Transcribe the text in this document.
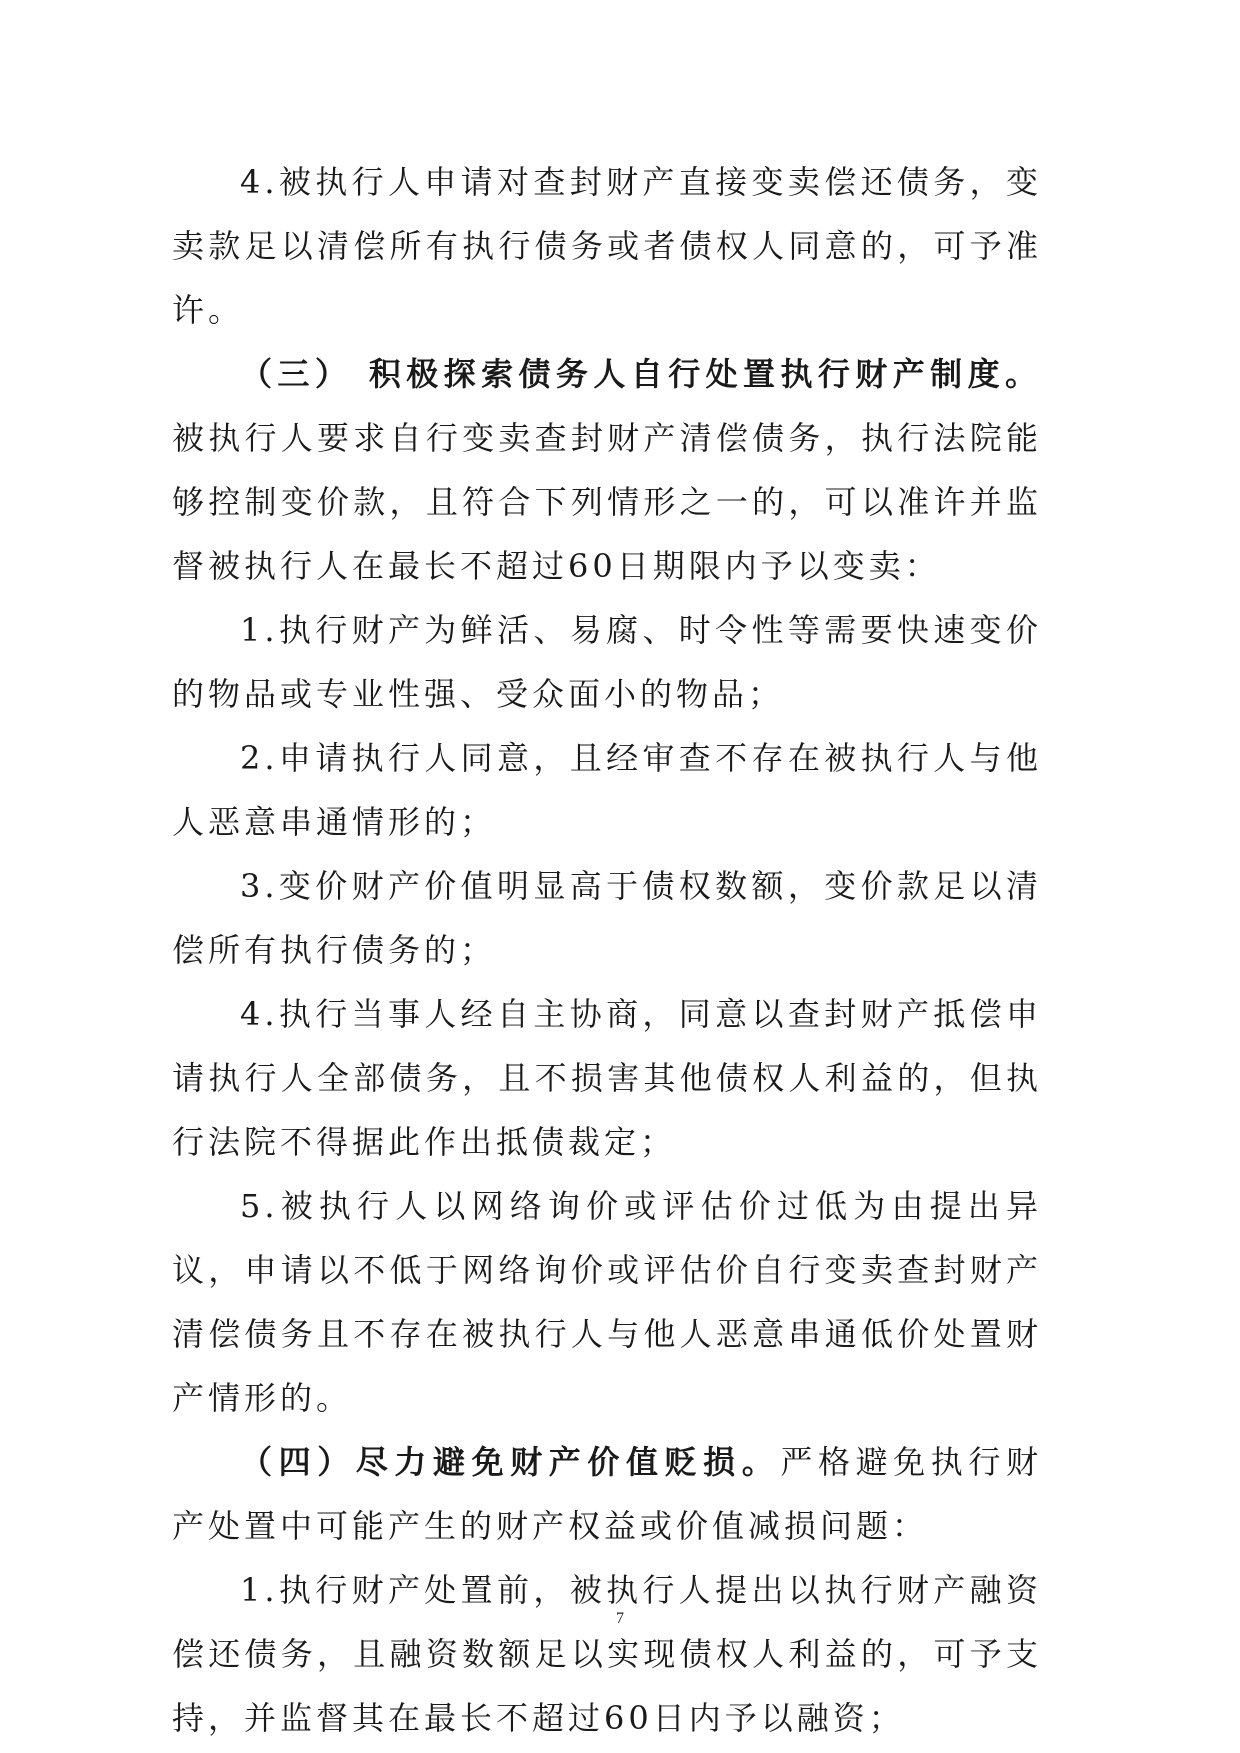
4.被执行人申请对查封财产直接变卖偿还债务，变卖款足以清偿所有执行债务或者债权人同意的，可予准许。

（三） 积极探索债务人自行处置执行财产制度。被执行人要求自行变卖查封财产清偿债务，执行法院能够控制变价款，且符合下列情形之一的，可以准许并监督被执行人在最长不超过60日期限内予以变卖：

1.执行财产为鲜活、易腐、时令性等需要快速变价的物品或专业性强、受众面小的物品；

2.申请执行人同意，且经审查不存在被执行人与他人恶意串通情形的；

3.变价财产价值明显高于债权数额，变价款足以清偿所有执行债务的；

4.执行当事人经自主协商，同意以查封财产抵偿申请执行人全部债务，且不损害其他债权人利益的，但执行法院不得据此作出抵债裁定；

5.被执行人以网络询价或评估价过低为由提出异议，申请以不低于网络询价或评估价自行变卖查封财产清偿债务且不存在被执行人与他人恶意串通低价处置财产情形的。

（四）尽力避免财产价值贬损。严格避免执行财产处置中可能产生的财产权益或价值减损问题：

1.执行财产处置前，被执行人提出以执行财产融资偿还债务，且融资数额足以实现债权人利益的，可予支持，并监督其在最长不超过60日内予以融资；

7
